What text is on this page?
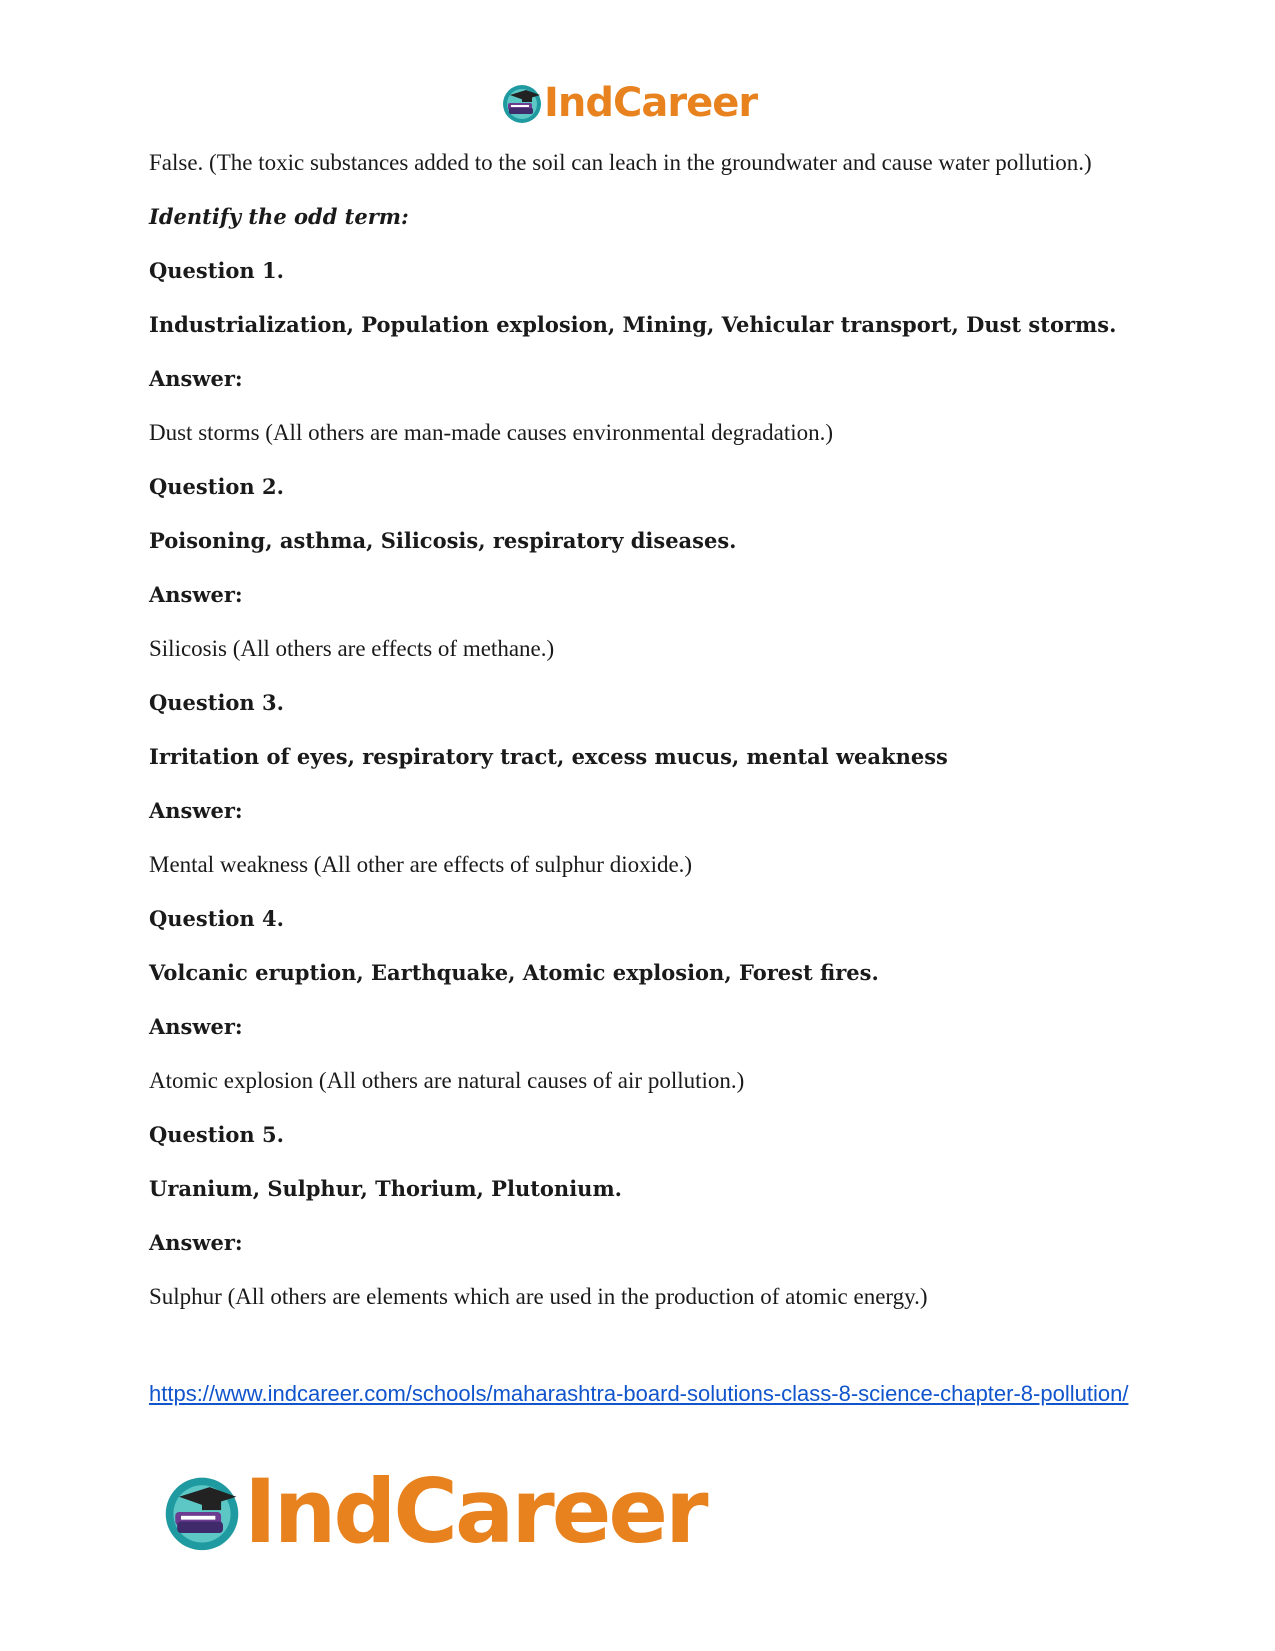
IndCareer

False. (The toxic substances added to the soil can leach in the groundwater and cause water pollution.)

Identify the odd term:

Question 1.

Industrialization, Population explosion, Mining, Vehicular transport, Dust storms.

Answer:

Dust storms (All others are man-made causes environmental degradation.)

Question 2.

Poisoning, asthma, Silicosis, respiratory diseases.

Answer:

Silicosis (All others are effects of methane.)

Question 3.

Irritation of eyes, respiratory tract, excess mucus, mental weakness

Answer:

Mental weakness (All other are effects of sulphur dioxide.)

Question 4.

Volcanic eruption, Earthquake, Atomic explosion, Forest fires.

Answer:

Atomic explosion (All others are natural causes of air pollution.)

Question 5.

Uranium, Sulphur, Thorium, Plutonium.

Answer:

Sulphur (All others are elements which are used in the production of atomic energy.)

https://www.indcareer.com/schools/maharashtra-board-solutions-class-8-science-chapter-8-pollution/
IndCareer
